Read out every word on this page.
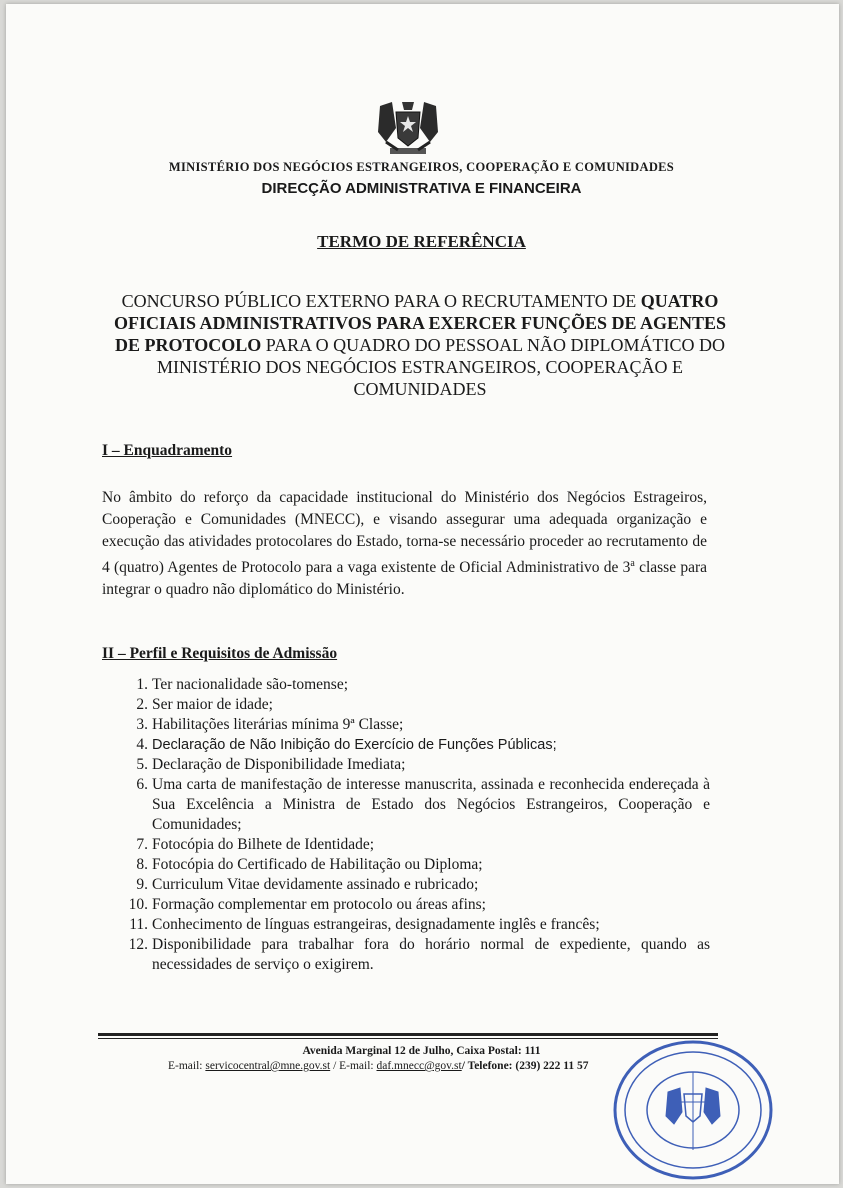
MINISTÉRIO DOS NEGÓCIOS ESTRANGEIROS, COOPERAÇÃO E COMUNIDADES
DIRECÇÃO ADMINISTRATIVA E FINANCEIRA
TERMO DE REFERÊNCIA
CONCURSO PÚBLICO EXTERNO PARA O RECRUTAMENTO DE QUATRO OFICIAIS ADMINISTRATIVOS PARA EXERCER FUNÇÕES DE AGENTES DE PROTOCOLO PARA O QUADRO DO PESSOAL NÃO DIPLOMÁTICO DO MINISTÉRIO DOS NEGÓCIOS ESTRANGEIROS, COOPERAÇÃO E COMUNIDADES
I – Enquadramento
No âmbito do reforço da capacidade institucional do Ministério dos Negócios Estrageiros, Cooperação e Comunidades (MNECC), e visando assegurar uma adequada organização e execução das atividades protocolares do Estado, torna-se necessário proceder ao recrutamento de 4 (quatro) Agentes de Protocolo para a vaga existente de Oficial Administrativo de 3$^a$ classe para integrar o quadro não diplomático do Ministério.
II – Perfil e Requisitos de Admissão
1. Ter nacionalidade são-tomense;
2. Ser maior de idade;
3. Habilitações literárias mínima 9ª Classe;
4. Declaração de Não Inibição do Exercício de Funções Públicas;
5. Declaração de Disponibilidade Imediata;
6. Uma carta de manifestação de interesse manuscrita, assinada e reconhecida endereçada à Sua Excelência a Ministra de Estado dos Negócios Estrangeiros, Cooperação e Comunidades;
7. Fotocópia do Bilhete de Identidade;
8. Fotocópia do Certificado de Habilitação ou Diploma;
9. Curriculum Vitae devidamente assinado e rubricado;
10. Formação complementar em protocolo ou áreas afins;
11. Conhecimento de línguas estrangeiras, designadamente inglês e francês;
12. Disponibilidade para trabalhar fora do horário normal de expediente, quando as necessidades de serviço o exigirem.
Avenida Marginal 12 de Julho, Caixa Postal: 111
E-mail: servicocentral@mne.gov.st / E-mail: daf.mnecc@gov.st/ Telefone: (239) 222 11 57
